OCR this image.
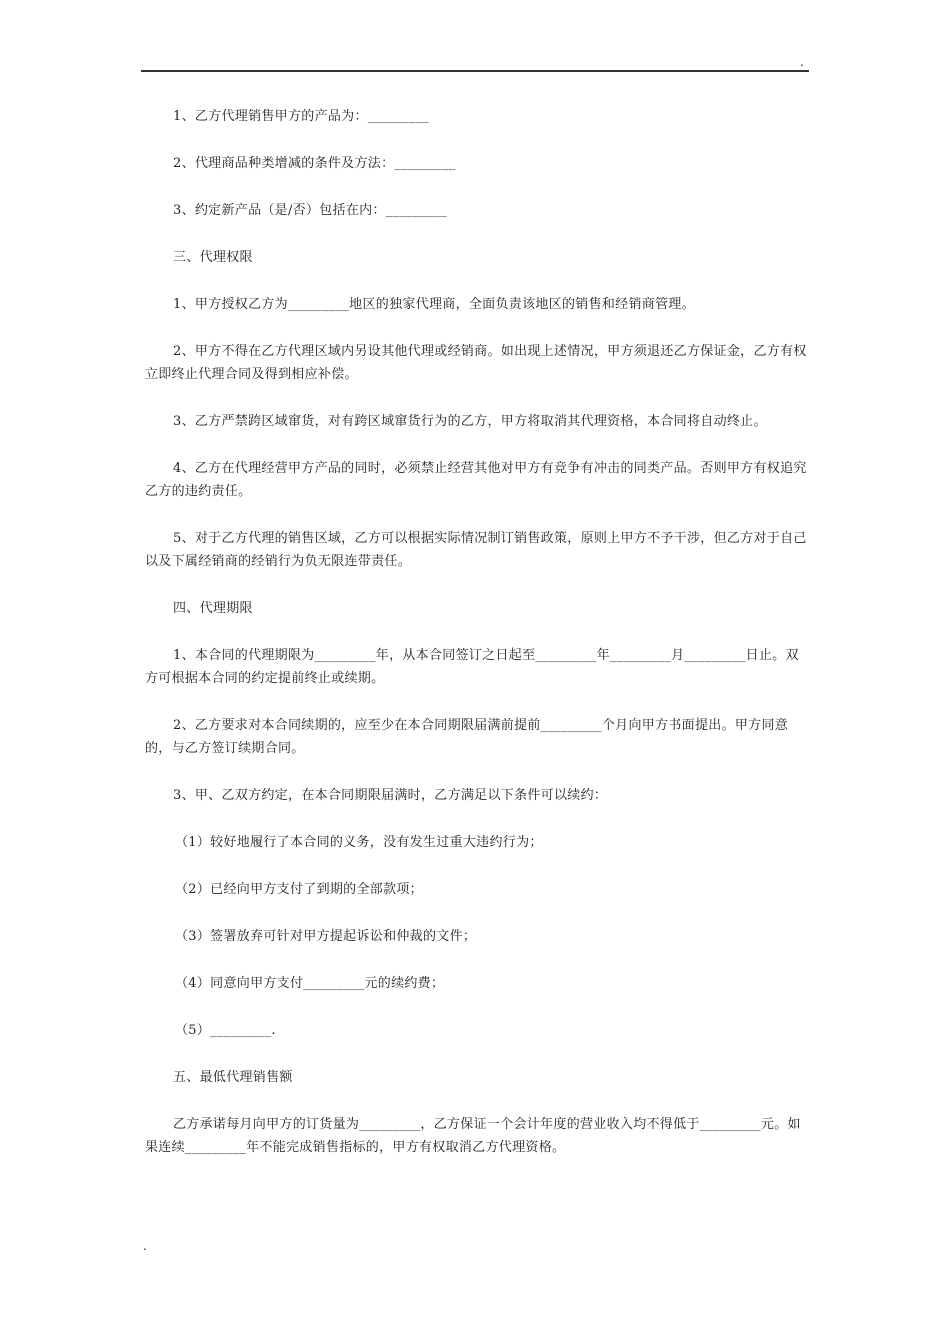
.

1、乙方代理销售甲方的产品为：_________

2、代理商品种类增减的条件及方法：_________

3、约定新产品（是/否）包括在内：_________

三、代理权限

1、甲方授权乙方为_________地区的独家代理商，全面负责该地区的销售和经销商管理。

2、甲方不得在乙方代理区域内另设其他代理或经销商。如出现上述情况，甲方须退还乙方保证金，乙方有权立即终止代理合同及得到相应补偿。

3、乙方严禁跨区域窜货，对有跨区域窜货行为的乙方，甲方将取消其代理资格，本合同将自动终止。

4、乙方在代理经营甲方产品的同时，必须禁止经营其他对甲方有竞争有冲击的同类产品。否则甲方有权追究乙方的违约责任。

5、对于乙方代理的销售区域，乙方可以根据实际情况制订销售政策，原则上甲方不予干涉，但乙方对于自己以及下属经销商的经销行为负无限连带责任。

四、代理期限

1、本合同的代理期限为_________年，从本合同签订之日起至_________年_________月_________日止。双方可根据本合同的约定提前终止或续期。

2、乙方要求对本合同续期的，应至少在本合同期限届满前提前_________个月向甲方书面提出。甲方同意的，与乙方签订续期合同。

3、甲、乙双方约定，在本合同期限届满时，乙方满足以下条件可以续约：

（1）较好地履行了本合同的义务，没有发生过重大违约行为；

（2）已经向甲方支付了到期的全部款项；

（3）签署放弃可针对甲方提起诉讼和仲裁的文件；

（4）同意向甲方支付_________元的续约费；

（5）_________.

五、最低代理销售额

乙方承诺每月向甲方的订货量为_________，乙方保证一个会计年度的营业收入均不得低于_________元。如果连续_________年不能完成销售指标的，甲方有权取消乙方代理资格。

.
